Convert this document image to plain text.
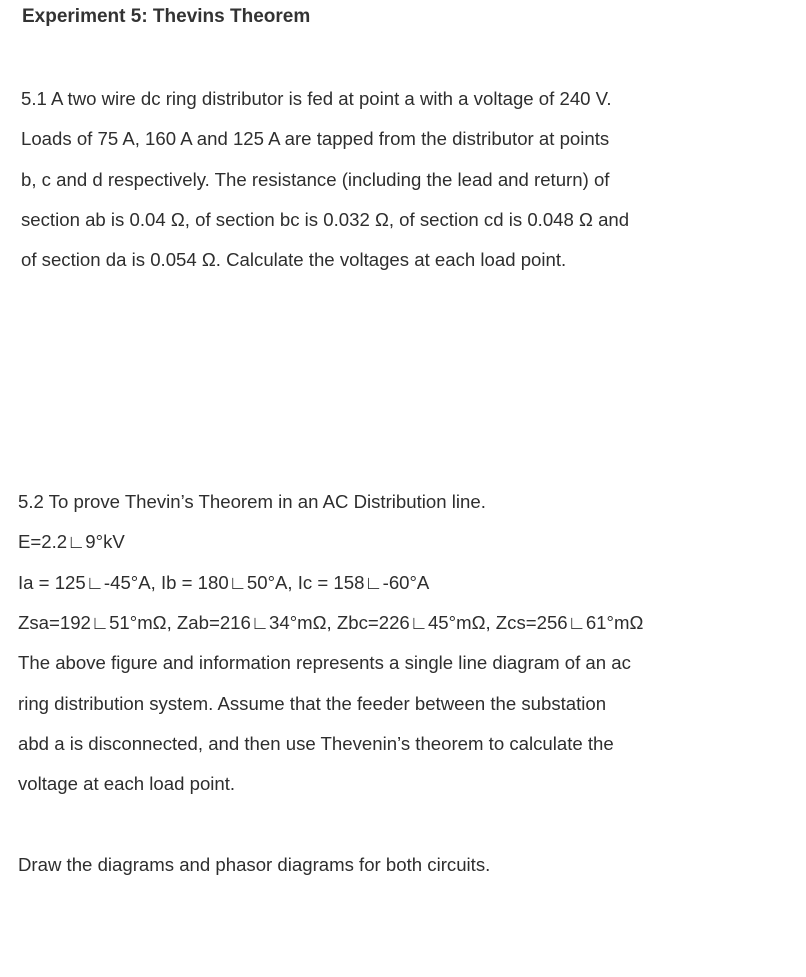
Experiment 5: Thevins Theorem
5.1 A two wire dc ring distributor is fed at point a with a voltage of 240 V.
Loads of 75 A, 160 A and 125 A are tapped from the distributor at points
b, c and d respectively. The resistance (including the lead and return) of
section ab is 0.04 Ω, of section bc is 0.032 Ω, of section cd is 0.048 Ω and
of section da is 0.054 Ω. Calculate the voltages at each load point.
5.2 To prove Thevin’s Theorem in an AC Distribution line.
E=2.2∟9°kV
Ia = 125∟-45°A, Ib = 180∟50°A, Ic = 158∟-60°A
Zsa=192∟51°mΩ, Zab=216∟34°mΩ, Zbc=226∟45°mΩ, Zcs=256∟61°mΩ
The above figure and information represents a single line diagram of an ac
ring distribution system. Assume that the feeder between the substation
abd a is disconnected, and then use Thevenin’s theorem to calculate the
voltage at each load point.
Draw the diagrams and phasor diagrams for both circuits.
